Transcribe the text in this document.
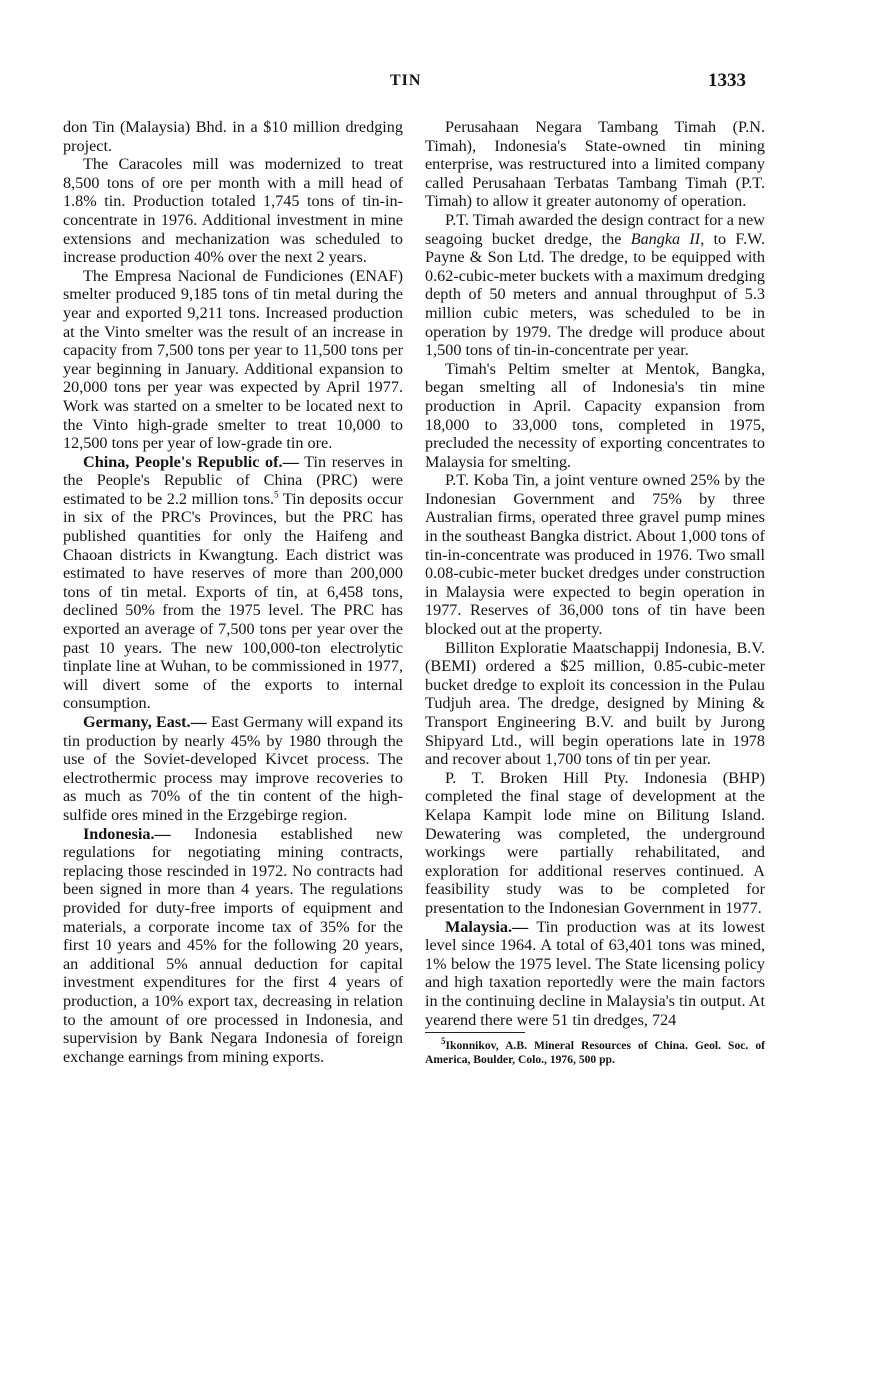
TIN	1333

don Tin (Malaysia) Bhd. in a $10 million dredging project.

The Caracoles mill was modernized to treat 8,500 tons of ore per month with a mill head of 1.8% tin. Production totaled 1,745 tons of tin-in-concentrate in 1976. Additional investment in mine extensions and mechanization was scheduled to increase production 40% over the next 2 years.

The Empresa Nacional de Fundiciones (ENAF) smelter produced 9,185 tons of tin metal during the year and exported 9,211 tons. Increased production at the Vinto smelter was the result of an increase in capacity from 7,500 tons per year to 11,500 tons per year beginning in January. Additional expansion to 20,000 tons per year was expected by April 1977. Work was started on a smelter to be located next to the Vinto high-grade smelter to treat 10,000 to 12,500 tons per year of low-grade tin ore.

China, People's Republic of.— Tin reserves in the People's Republic of China (PRC) were estimated to be 2.2 million tons.$^5$ Tin deposits occur in six of the PRC's Provinces, but the PRC has published quantities for only the Haifeng and Chaoan districts in Kwangtung. Each district was estimated to have reserves of more than 200,000 tons of tin metal. Exports of tin, at 6,458 tons, declined 50% from the 1975 level. The PRC has exported an average of 7,500 tons per year over the past 10 years. The new 100,000-ton electrolytic tinplate line at Wuhan, to be commissioned in 1977, will divert some of the exports to internal consumption.

Germany, East.— East Germany will expand its tin production by nearly 45% by 1980 through the use of the Soviet-developed Kivcet process. The electrothermic process may improve recoveries to as much as 70% of the tin content of the high-sulfide ores mined in the Erzgebirge region.

Indonesia.— Indonesia established new regulations for negotiating mining contracts, replacing those rescinded in 1972. No contracts had been signed in more than 4 years. The regulations provided for duty-free imports of equipment and materials, a corporate income tax of 35% for the first 10 years and 45% for the following 20 years, an additional 5% annual deduction for capital investment expenditures for the first 4 years of production, a 10% export tax, decreasing in relation to the amount of ore processed in Indonesia, and supervision by Bank Negara Indonesia of foreign exchange earnings from mining exports.

Perusahaan Negara Tambang Timah (P.N. Timah), Indonesia's State-owned tin mining enterprise, was restructured into a limited company called Perusahaan Terbatas Tambang Timah (P.T. Timah) to allow it greater autonomy of operation.

P.T. Timah awarded the design contract for a new seagoing bucket dredge, the Bangka II, to F.W. Payne & Son Ltd. The dredge, to be equipped with 0.62-cubic-meter buckets with a maximum dredging depth of 50 meters and annual throughput of 5.3 million cubic meters, was scheduled to be in operation by 1979. The dredge will produce about 1,500 tons of tin-in-concentrate per year.

Timah's Peltim smelter at Mentok, Bangka, began smelting all of Indonesia's tin mine production in April. Capacity expansion from 18,000 to 33,000 tons, completed in 1975, precluded the necessity of exporting concentrates to Malaysia for smelting.

P.T. Koba Tin, a joint venture owned 25% by the Indonesian Government and 75% by three Australian firms, operated three gravel pump mines in the southeast Bangka district. About 1,000 tons of tin-in-concentrate was produced in 1976. Two small 0.08-cubic-meter bucket dredges under construction in Malaysia were expected to begin operation in 1977. Reserves of 36,000 tons of tin have been blocked out at the property.

Billiton Exploratie Maatschappij Indonesia, B.V. (BEMI) ordered a $25 million, 0.85-cubic-meter bucket dredge to exploit its concession in the Pulau Tudjuh area. The dredge, designed by Mining & Transport Engineering B.V. and built by Jurong Shipyard Ltd., will begin operations late in 1978 and recover about 1,700 tons of tin per year.

P. T. Broken Hill Pty. Indonesia (BHP) completed the final stage of development at the Kelapa Kampit lode mine on Bilitung Island. Dewatering was completed, the underground workings were partially rehabilitated, and exploration for additional reserves continued. A feasibility study was to be completed for presentation to the Indonesian Government in 1977.

Malaysia.— Tin production was at its lowest level since 1964. A total of 63,401 tons was mined, 1% below the 1975 level. The State licensing policy and high taxation reportedly were the main factors in the continuing decline in Malaysia's tin output. At yearend there were 51 tin dredges, 724

$^5$Ikonnikov, A.B. Mineral Resources of China. Geol. Soc. of America, Boulder, Colo., 1976, 500 pp.
